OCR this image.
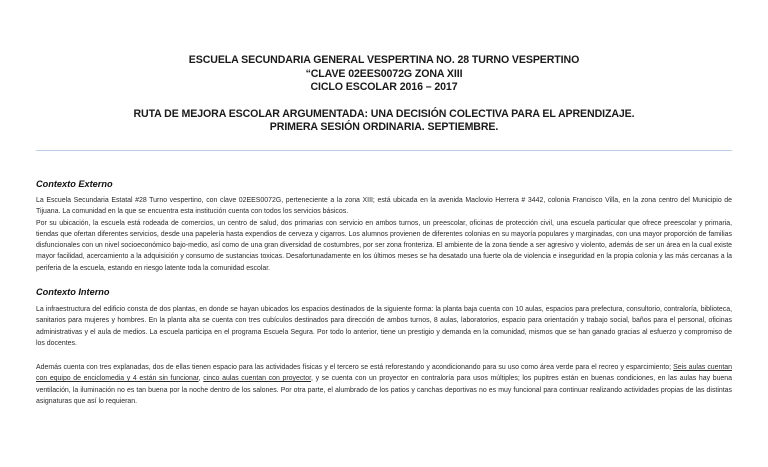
ESCUELA SECUNDARIA GENERAL VESPERTINA NO. 28 TURNO VESPERTINO
“CLAVE 02EES0072G ZONA XIII
CICLO ESCOLAR 2016 – 2017
RUTA DE MEJORA ESCOLAR ARGUMENTADA: UNA DECISIÓN COLECTIVA PARA EL APRENDIZAJE.
PRIMERA SESIÓN ORDINARIA. SEPTIEMBRE.
Contexto Externo
La Escuela Secundaria Estatal #28 Turno vespertino, con clave 02EES0072G, perteneciente a la zona XIII; está ubicada en la avenida Maclovio Herrera # 3442, colonia Francisco Villa, en la zona centro del Municipio de Tijuana. La comunidad en la que se encuentra esta institución cuenta con todos los servicios básicos.
Por su ubicación, la escuela está rodeada de comercios, un centro de salud, dos primarias con servicio en ambos turnos, un preescolar, oficinas de protección civil, una escuela particular que ofrece preescolar y primaria, tiendas que ofertan diferentes servicios, desde una papelería hasta expendios de cerveza y cigarros. Los alumnos provienen de diferentes colonias en su mayoría populares y marginadas, con una mayor proporción de familias disfuncionales con un nivel socioeconómico bajo-medio, así como de una gran diversidad de costumbres, por ser zona fronteriza. El ambiente de la zona tiende a ser agresivo y violento, además de ser un área en la cual existe mayor facilidad, acercamiento a la adquisición y consumo de sustancias toxicas. Desafortunadamente en los últimos meses se ha desatado una fuerte ola de violencia e inseguridad en la propia colonia y las más cercanas a la periferia de la escuela, estando en riesgo latente toda la comunidad escolar.
Contexto Interno
La infraestructura del edificio consta de dos plantas, en donde se hayan ubicados los espacios destinados de la siguiente forma: la planta baja cuenta con 10 aulas, espacios para prefectura, consultorio, contraloría, biblioteca, sanitarios para mujeres y hombres. En la planta alta se cuenta con tres cubículos destinados para dirección de ambos turnos, 8 aulas, laboratorios, espacio para orientación y trabajo social, baños para el personal, oficinas administrativas y el aula de medios. La escuela participa en el programa Escuela Segura. Por todo lo anterior, tiene un prestigio y demanda en la comunidad, mismos que se han ganado gracias al esfuerzo y compromiso de los docentes.
Además cuenta con tres explanadas, dos de ellas tienen espacio para las actividades físicas y el tercero se está reforestando y acondicionando para su uso como área verde para el recreo y esparcimiento; Seis aulas cuentan con equipo de enciclomedia y 4 están sin funcionar, cinco aulas cuentan con proyector, y se cuenta con un proyector en contraloría para usos múltiples; los pupitres están en buenas condiciones, en las aulas hay buena ventilación, la iluminación no es tan buena por la noche dentro de los salones. Por otra parte, el alumbrado de los patios y canchas deportivas no es muy funcional para continuar realizando actividades propias de las distintas asignaturas que así lo requieran.
